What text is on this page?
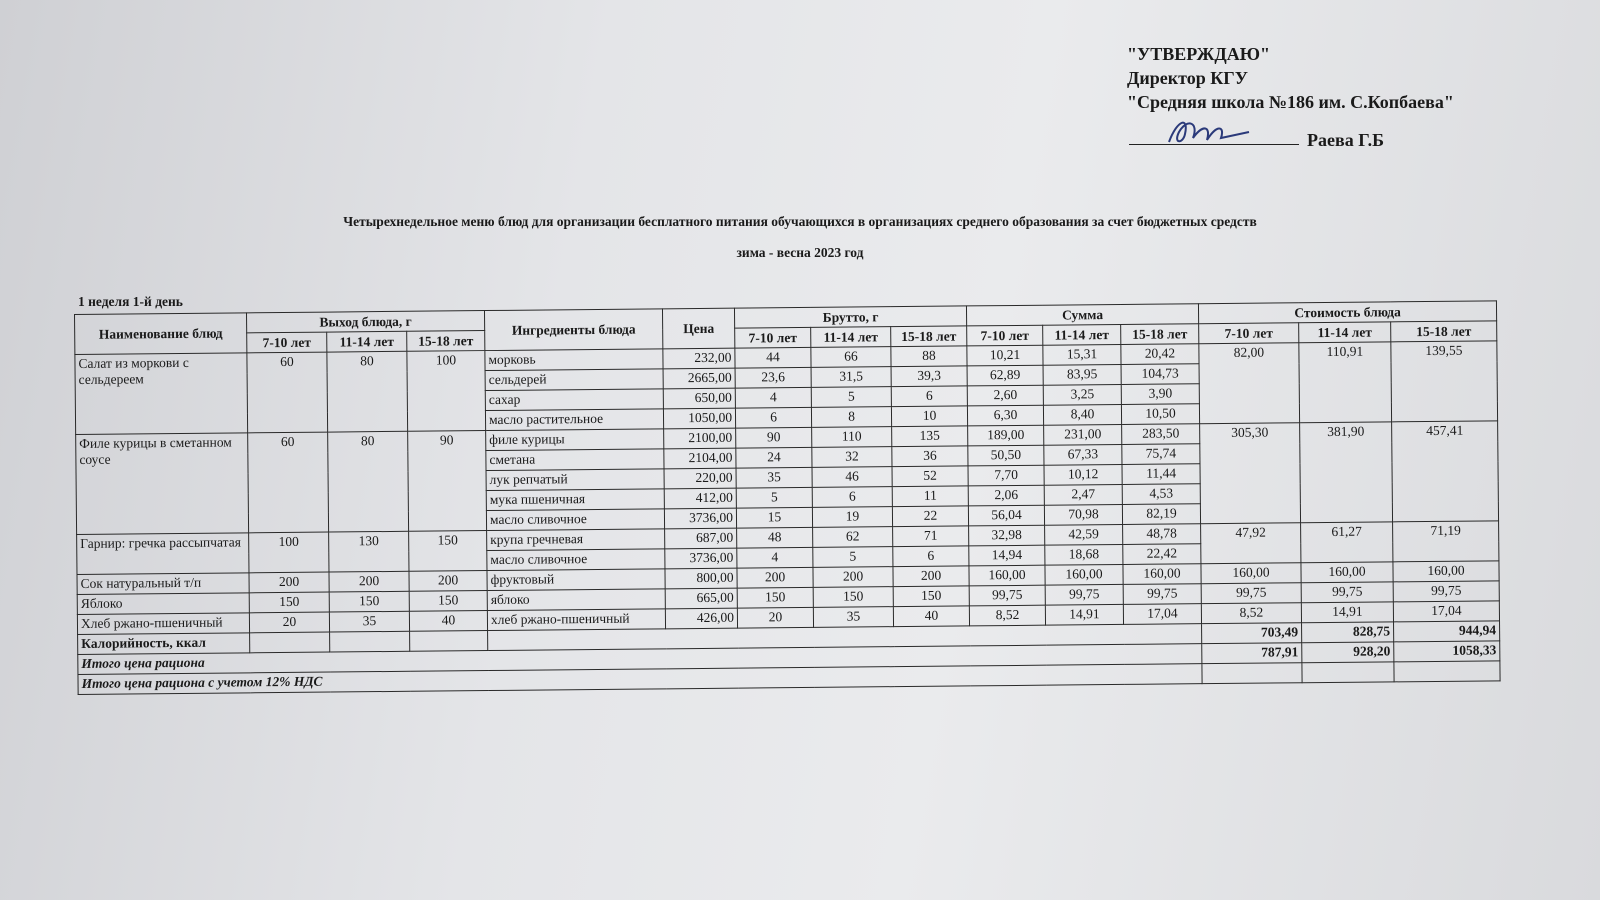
"УТВЕРЖДАЮ"
Директор КГУ
"Средняя школа №186 им. С.Копбаева"
Раева Г.Б
Четырехнедельное меню блюд для организации бесплатного питания обучающихся в организациях среднего образования за счет бюджетных средств
зима - весна 2023 год
1 неделя 1-й день
Наименование блюд	Выход блюда, г			Ингредиенты блюда	Цена	Брутто, г			Сумма			Стоимость блюда		
	7-10 лет	11-14 лет	15-18 лет			7-10 лет	11-14 лет	15-18 лет	7-10 лет	11-14 лет	15-18 лет	7-10 лет	11-14 лет	15-18 лет
Салат из моркови с сельдереем	60	80	100	морковь	232,00	44	66	88	10,21	15,31	20,42	82,00	110,91	139,55
				сельдерей	2665,00	23,6	31,5	39,3	62,89	83,95	104,73			
				сахар	650,00	4	5	6	2,60	3,25	3,90			
				масло растительное	1050,00	6	8	10	6,30	8,40	10,50			
Филе курицы в сметанном соусе	60	80	90	филе курицы	2100,00	90	110	135	189,00	231,00	283,50	305,30	381,90	457,41
				сметана	2104,00	24	32	36	50,50	67,33	75,74			
				лук репчатый	220,00	35	46	52	7,70	10,12	11,44			
				мука пшеничная	412,00	5	6	11	2,06	2,47	4,53			
				масло сливочное	3736,00	15	19	22	56,04	70,98	82,19			
Гарнир: гречка рассыпчатая	100	130	150	крупа гречневая	687,00	48	62	71	32,98	42,59	48,78	47,92	61,27	71,19
				масло сливочное	3736,00	4	5	6	14,94	18,68	22,42			
Сок натуральный т/п	200	200	200	фруктовый	800,00	200	200	200	160,00	160,00	160,00	160,00	160,00	160,00
Яблоко	150	150	150	яблоко	665,00	150	150	150	99,75	99,75	99,75	99,75	99,75	99,75
Хлеб ржано-пшеничный	20	35	40	хлеб ржано-пшеничный	426,00	20	35	40	8,52	14,91	17,04	8,52	14,91	17,04
Калорийность, ккал												703,49	828,75	944,94
Итого цена рациона												787,91	928,20	1058,33
Итого цена рациона с учетом 12% НДС														
